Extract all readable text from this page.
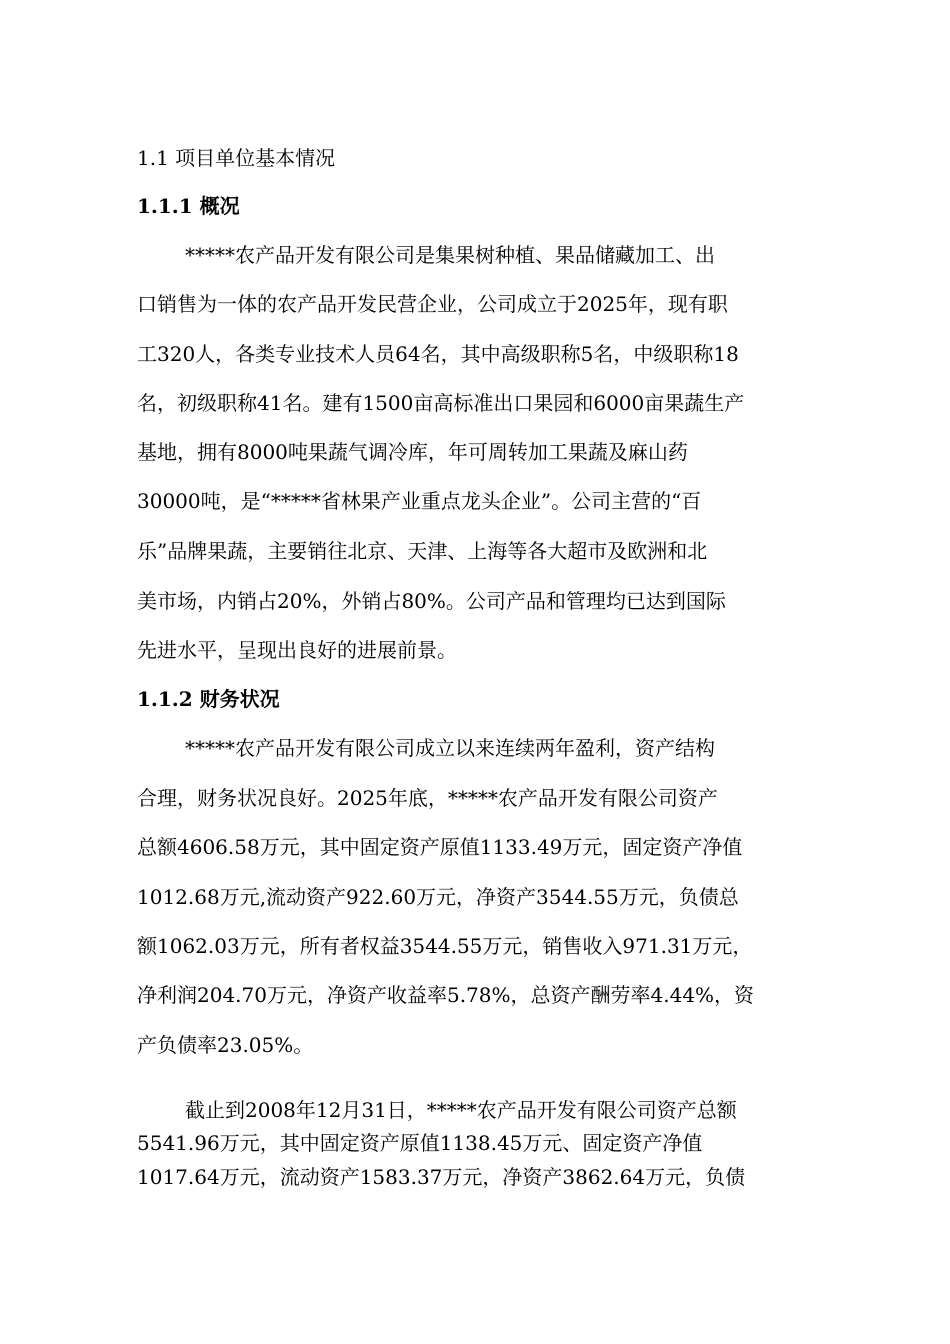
1.1 项目单位基本情况
1.1.1 概况
*****农产品开发有限公司是集果树种植、果品储藏加工、出
口销售为一体的农产品开发民营企业，公司成立于2025年，现有职
工320人，各类专业技术人员64名，其中高级职称5名，中级职称18
名，初级职称41名。建有1500亩高标准出口果园和6000亩果蔬生产
基地，拥有8000吨果蔬气调冷库，年可周转加工果蔬及麻山药
30000吨，是“*****省林果产业重点龙头企业”。公司主营的“百
乐”品牌果蔬，主要销往北京、天津、上海等各大超市及欧洲和北
美市场，内销占20%，外销占80%。公司产品和管理均已达到国际
先进水平，呈现出良好的进展前景。
1.1.2 财务状况
*****农产品开发有限公司成立以来连续两年盈利，资产结构
合理，财务状况良好。2025年底，*****农产品开发有限公司资产
总额4606.58万元，其中固定资产原值1133.49万元，固定资产净值
1012.68万元,流动资产922.60万元，净资产3544.55万元，负债总
额1062.03万元，所有者权益3544.55万元，销售收入971.31万元，
净利润204.70万元，净资产收益率5.78%，总资产酬劳率4.44%，资
产负债率23.05%。
截止到2008年12月31日，*****农产品开发有限公司资产总额
5541.96万元，其中固定资产原值1138.45万元、固定资产净值
1017.64万元，流动资产1583.37万元，净资产3862.64万元，负债
